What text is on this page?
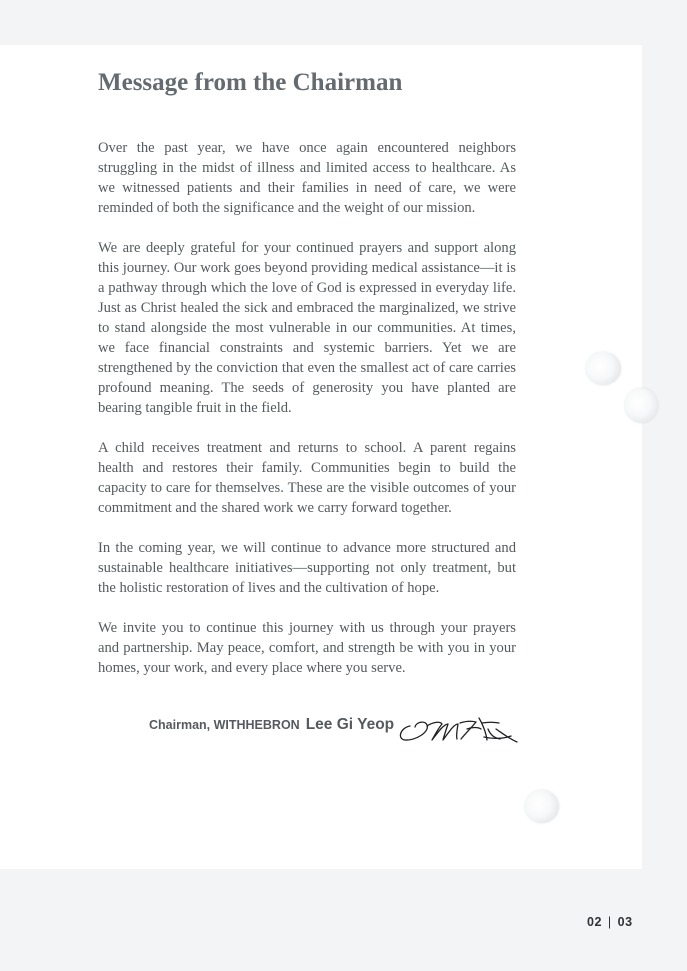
Message from the Chairman

Over the past year, we have once again encountered neighbors struggling in the midst of illness and limited access to healthcare. As we witnessed patients and their families in need of care, we were reminded of both the significance and the weight of our mission.

We are deeply grateful for your continued prayers and support along this journey. Our work goes beyond providing medical assistance—it is a pathway through which the love of God is expressed in everyday life. Just as Christ healed the sick and embraced the marginalized, we strive to stand alongside the most vulnerable in our communities. At times, we face financial constraints and systemic barriers. Yet we are strengthened by the conviction that even the smallest act of care carries profound meaning. The seeds of generosity you have planted are bearing tangible fruit in the field.

A child receives treatment and returns to school. A parent regains health and restores their family. Communities begin to build the capacity to care for themselves. These are the visible outcomes of your commitment and the shared work we carry forward together.

In the coming year, we will continue to advance more structured and sustainable healthcare initiatives—supporting not only treatment, but the holistic restoration of lives and the cultivation of hope.

We invite you to continue this journey with us through your prayers and partnership. May peace, comfort, and strength be with you in your homes, your work, and every place where you serve.

Chairman, WITHHEBRON Lee Gi Yeop
02 | 03
